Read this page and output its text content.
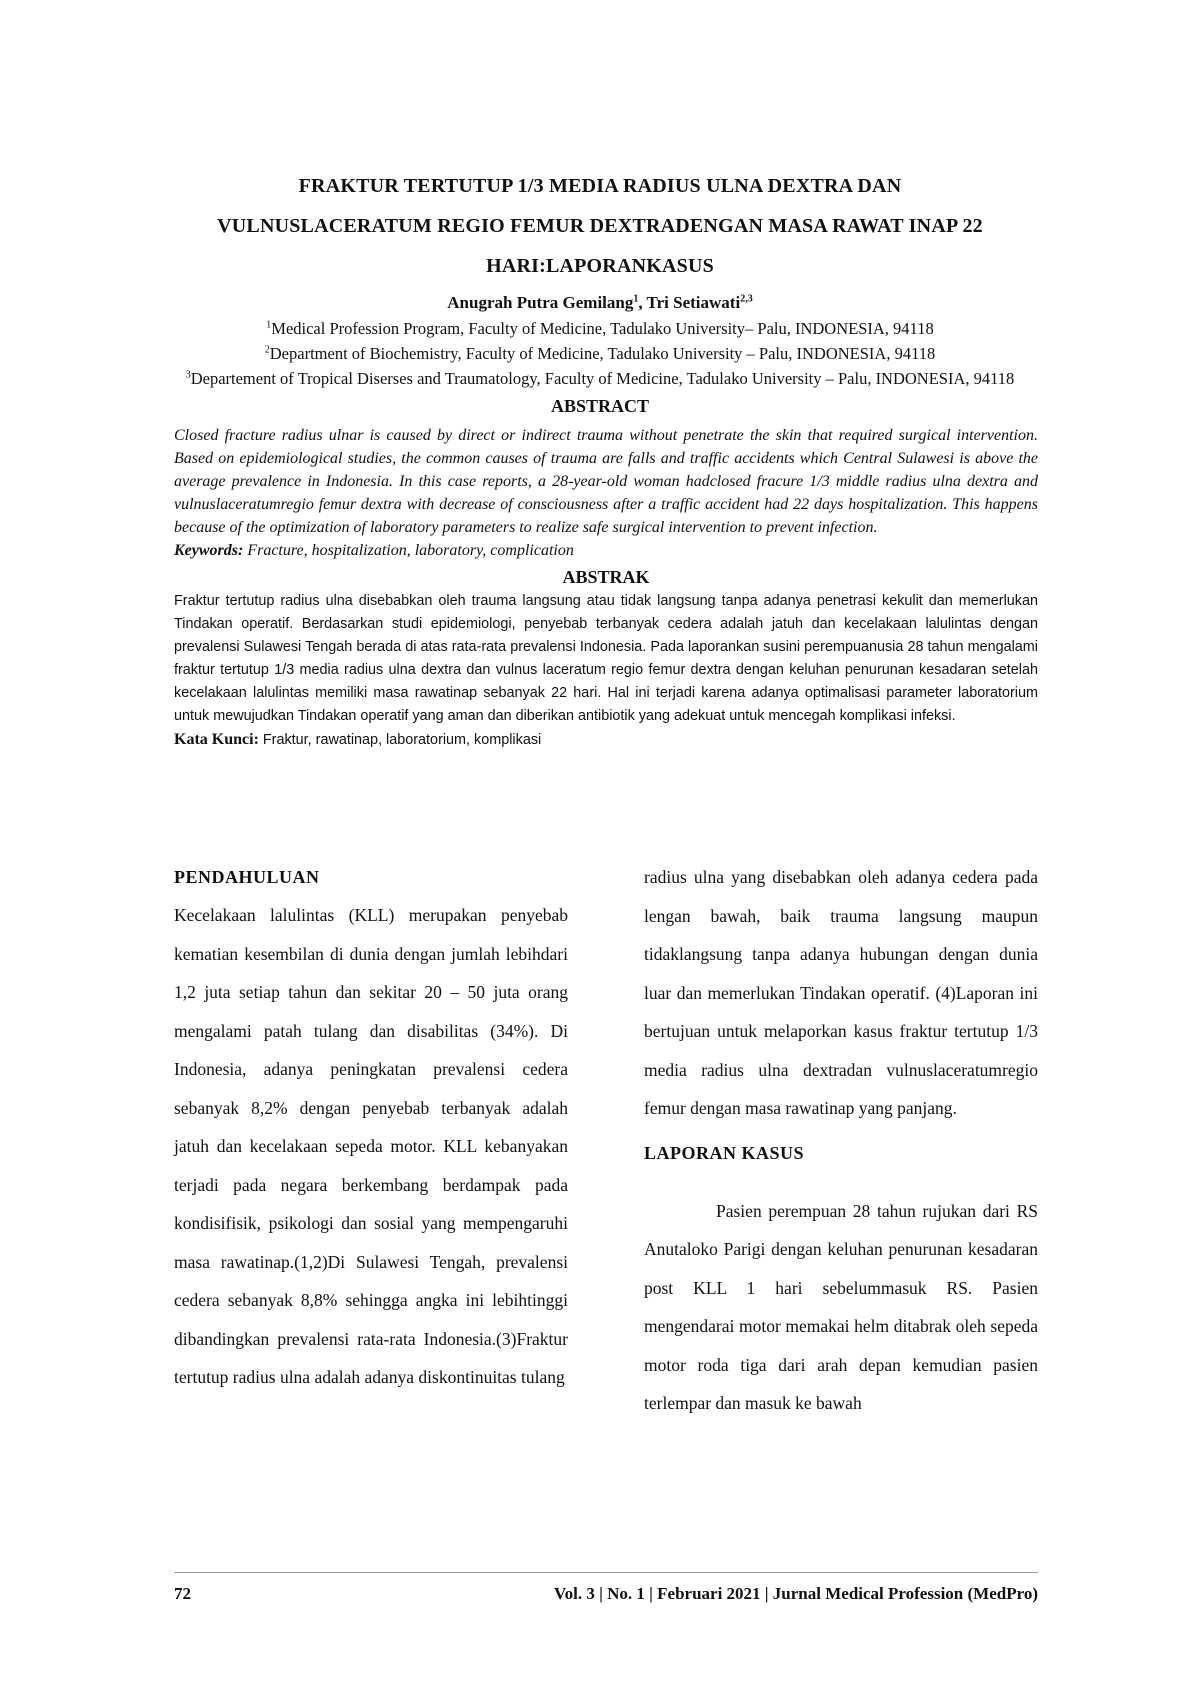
FRAKTUR TERTUTUP 1/3 MEDIA RADIUS ULNA DEXTRA DAN
VULNUSLACERATUM REGIO FEMUR DEXTRADENGAN MASA RAWAT INAP 22
HARI:LAPORANKASUS
Anugrah Putra Gemilang$^1$, Tri Setiawati$^{2,3}$
$^1$Medical Profession Program, Faculty of Medicine, Tadulako University– Palu, INDONESIA, 94118
$^2$Department of Biochemistry, Faculty of Medicine, Tadulako University – Palu, INDONESIA, 94118
$^3$Departement of Tropical Diserses and Traumatology, Faculty of Medicine, Tadulako University – Palu, INDONESIA, 94118
ABSTRACT
Closed fracture radius ulnar is caused by direct or indirect trauma without penetrate the skin that required surgical intervention. Based on epidemiological studies, the common causes of trauma are falls and traffic accidents which Central Sulawesi is above the average prevalence in Indonesia. In this case reports, a 28-year-old woman hadclosed fracure 1/3 middle radius ulna dextra and vulnuslaceratumregio femur dextra with decrease of consciousness after a traffic accident had 22 days hospitalization. This happens because of the optimization of laboratory parameters to realize safe surgical intervention to prevent infection.
Keywords: Fracture, hospitalization, laboratory, complication
ABSTRAK
Fraktur tertutup radius ulna disebabkan oleh trauma langsung atau tidak langsung tanpa adanya penetrasi kekulit dan memerlukan Tindakan operatif. Berdasarkan studi epidemiologi, penyebab terbanyak cedera adalah jatuh dan kecelakaan lalulintas dengan prevalensi Sulawesi Tengah berada di atas rata-rata prevalensi Indonesia. Pada laporankan susini perempuanusia 28 tahun mengalami fraktur tertutup 1/3 media radius ulna dextra dan vulnus laceratum regio femur dextra dengan keluhan penurunan kesadaran setelah kecelakaan lalulintas memiliki masa rawatinap sebanyak 22 hari. Hal ini terjadi karena adanya optimalisasi parameter laboratorium untuk mewujudkan Tindakan operatif yang aman dan diberikan antibiotik yang adekuat untuk mencegah komplikasi infeksi.
Kata Kunci: Fraktur, rawatinap, laboratorium, komplikasi
PENDAHULUAN

Kecelakaan lalulintas (KLL) merupakan penyebab kematian kesembilan di dunia dengan jumlah lebihdari 1,2 juta setiap tahun dan sekitar 20 – 50 juta orang mengalami patah tulang dan disabilitas (34%). Di Indonesia, adanya peningkatan prevalensi cedera sebanyak 8,2% dengan penyebab terbanyak adalah jatuh dan kecelakaan sepeda motor. KLL kebanyakan terjadi pada negara berkembang berdampak pada kondisifisik, psikologi dan sosial yang mempengaruhi masa rawatinap.(1,2)Di Sulawesi Tengah, prevalensi cedera sebanyak 8,8% sehingga angka ini lebihtinggi dibandingkan prevalensi rata-rata Indonesia.(3)Fraktur tertutup radius ulna adalah adanya diskontinuitas tulang

radius ulna yang disebabkan oleh adanya cedera pada lengan bawah, baik trauma langsung maupun tidaklangsung tanpa adanya hubungan dengan dunia luar dan memerlukan Tindakan operatif. (4)Laporan ini bertujuan untuk melaporkan kasus fraktur tertutup 1/3 media radius ulna dextradan vulnuslaceratumregio femur dengan masa rawatinap yang panjang.

LAPORAN KASUS

Pasien perempuan 28 tahun rujukan dari RS Anutaloko Parigi dengan keluhan penurunan kesadaran post KLL 1 hari sebelummasuk RS. Pasien mengendarai motor memakai helm ditabrak oleh sepeda motor roda tiga dari arah depan kemudian pasien terlempar dan masuk ke bawah

72	Vol. 3 | No. 1 | Februari 2021 | Jurnal Medical Profession (MedPro)
